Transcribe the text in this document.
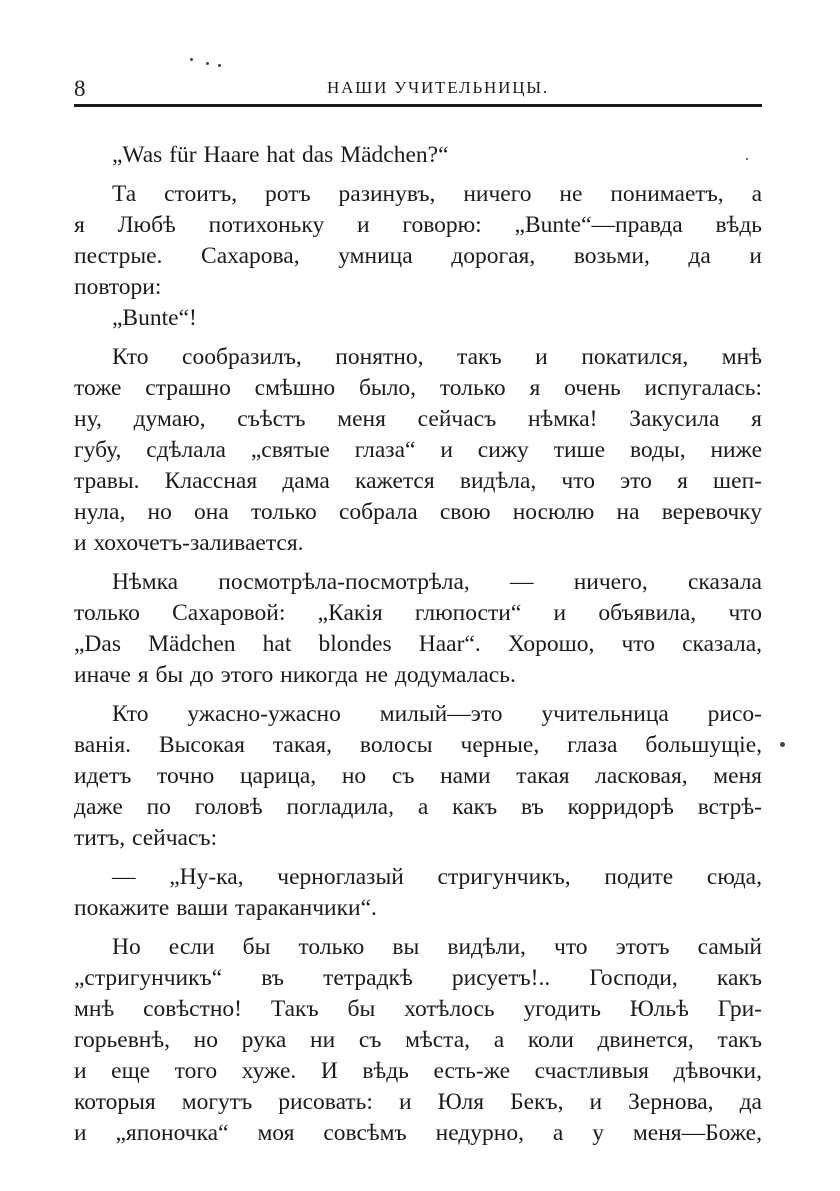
8	НАШИ УЧИТЕЛЬНИЦЫ.

„Was für Haare hat das Mädchen?“

Та стоитъ, ротъ разинувъ, ничего не понимаетъ, а
я Любѣ потихоньку и говорю: „Bunte“—правда вѣдь
пестрые. Сахарова, умница дорогая, возьми, да и
повтори:

„Bunte“!

Кто сообразилъ, понятно, такъ и покатился, мнѣ
тоже страшно смѣшно было, только я очень испугалась:
ну, думаю, съѣстъ меня сейчасъ нѣмка! Закусила я
губу, сдѣлала „святые глаза“ и сижу тише воды, ниже
травы. Классная дама кажется видѣла, что это я шеп-
нула, но она только собрала свою носюлю на веревочку
и хохочетъ-заливается.

Нѣмка посмотрѣла-посмотрѣла, — ничего, сказала
только Сахаровой: „Какія глюпости“ и объявила, что
„Das Mädchen hat blondes Haar“. Хорошо, что сказала,
иначе я бы до этого никогда не додумалась.

Кто ужасно-ужасно милый—это учительница рисо-
ванія. Высокая такая, волосы черные, глаза большущіе,
идетъ точно царица, но съ нами такая ласковая, меня
даже по головѣ погладила, а какъ въ корридорѣ встрѣ-
титъ, сейчасъ:

— „Ну-ка, черноглазый стригунчикъ, подите сюда,
покажите ваши тараканчики“.

Но если бы только вы видѣли, что этотъ самый
„стригунчикъ“ въ тетрадкѣ рисуетъ!.. Господи, какъ
мнѣ совѣстно! Такъ бы хотѣлось угодить Юльѣ Гри-
горьевнѣ, но рука ни съ мѣста, а коли двинется, такъ
и еще того хуже. И вѣдь есть-же счастливыя дѣвочки,
которыя могутъ рисовать: и Юля Бекъ, и Зернова, да
и „японочка“ моя совсѣмъ недурно, а у меня—Боже,
